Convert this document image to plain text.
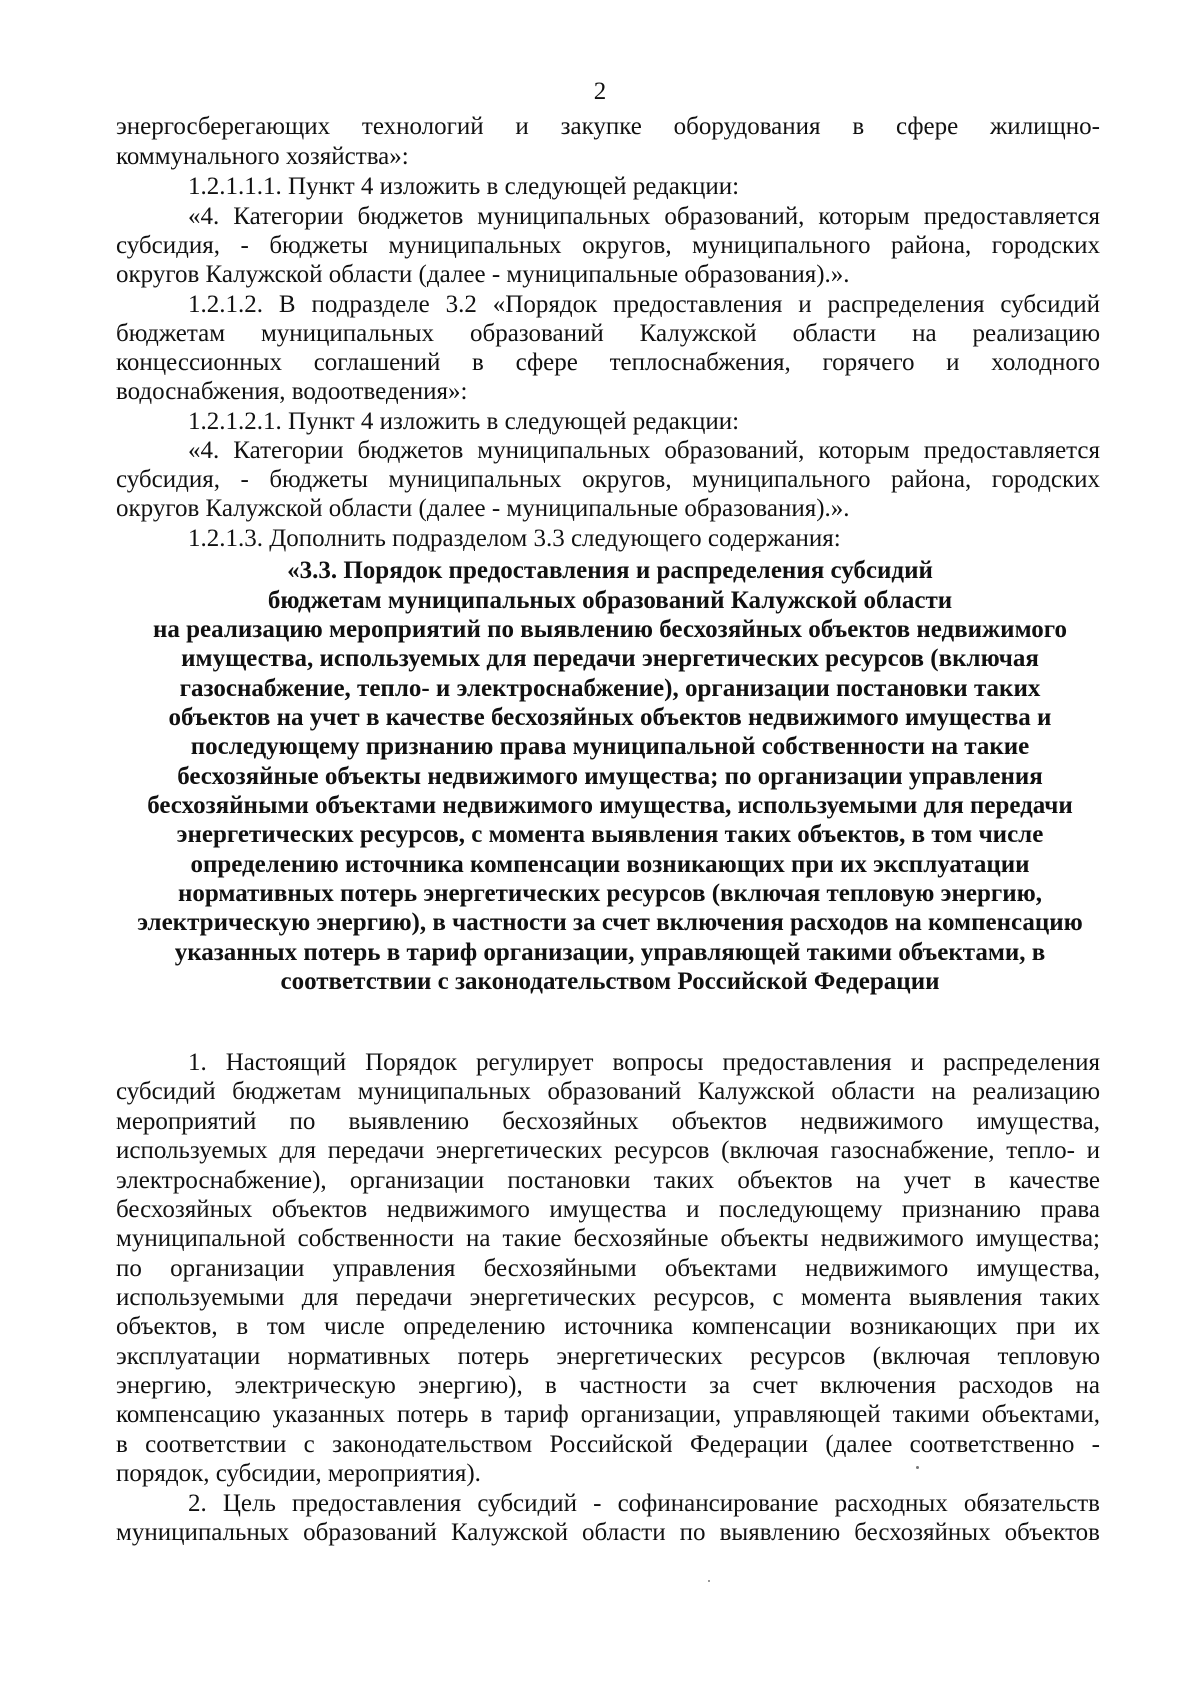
2
энергосберегающих технологий и закупке оборудования в сфере жилищно-
коммунального хозяйства»:
1.2.1.1.1. Пункт 4 изложить в следующей редакции:
«4. Категории бюджетов муниципальных образований, которым предоставляется
субсидия, - бюджеты муниципальных округов, муниципального района, городских
округов Калужской области (далее - муниципальные образования).».
1.2.1.2. В подразделе 3.2 «Порядок предоставления и распределения субсидий
бюджетам муниципальных образований Калужской области на реализацию
концессионных соглашений в сфере теплоснабжения, горячего и холодного
водоснабжения, водоотведения»:
1.2.1.2.1. Пункт 4 изложить в следующей редакции:
«4. Категории бюджетов муниципальных образований, которым предоставляется
субсидия, - бюджеты муниципальных округов, муниципального района, городских
округов Калужской области (далее - муниципальные образования).».
1.2.1.3. Дополнить подразделом 3.3 следующего содержания:
«3.3. Порядок предоставления и распределения субсидий
бюджетам муниципальных образований Калужской области
на реализацию мероприятий по выявлению бесхозяйных объектов недвижимого
имущества, используемых для передачи энергетических ресурсов (включая
газоснабжение, тепло- и электроснабжение), организации постановки таких
объектов на учет в качестве бесхозяйных объектов недвижимого имущества и
последующему признанию права муниципальной собственности на такие
бесхозяйные объекты недвижимого имущества; по организации управления
бесхозяйными объектами недвижимого имущества, используемыми для передачи
энергетических ресурсов, с момента выявления таких объектов, в том числе
определению источника компенсации возникающих при их эксплуатации
нормативных потерь энергетических ресурсов (включая тепловую энергию,
электрическую энергию), в частности за счет включения расходов на компенсацию
указанных потерь в тариф организации, управляющей такими объектами, в
соответствии с законодательством Российской Федерации
1. Настоящий Порядок регулирует вопросы предоставления и распределения
субсидий бюджетам муниципальных образований Калужской области на реализацию
мероприятий по выявлению бесхозяйных объектов недвижимого имущества,
используемых для передачи энергетических ресурсов (включая газоснабжение, тепло- и
электроснабжение), организации постановки таких объектов на учет в качестве
бесхозяйных объектов недвижимого имущества и последующему признанию права
муниципальной собственности на такие бесхозяйные объекты недвижимого имущества;
по организации управления бесхозяйными объектами недвижимого имущества,
используемыми для передачи энергетических ресурсов, с момента выявления таких
объектов, в том числе определению источника компенсации возникающих при их
эксплуатации нормативных потерь энергетических ресурсов (включая тепловую
энергию, электрическую энергию), в частности за счет включения расходов на
компенсацию указанных потерь в тариф организации, управляющей такими объектами,
в соответствии с законодательством Российской Федерации (далее соответственно -
порядок, субсидии, мероприятия).
2. Цель предоставления субсидий - софинансирование расходных обязательств
муниципальных образований Калужской области по выявлению бесхозяйных объектов
